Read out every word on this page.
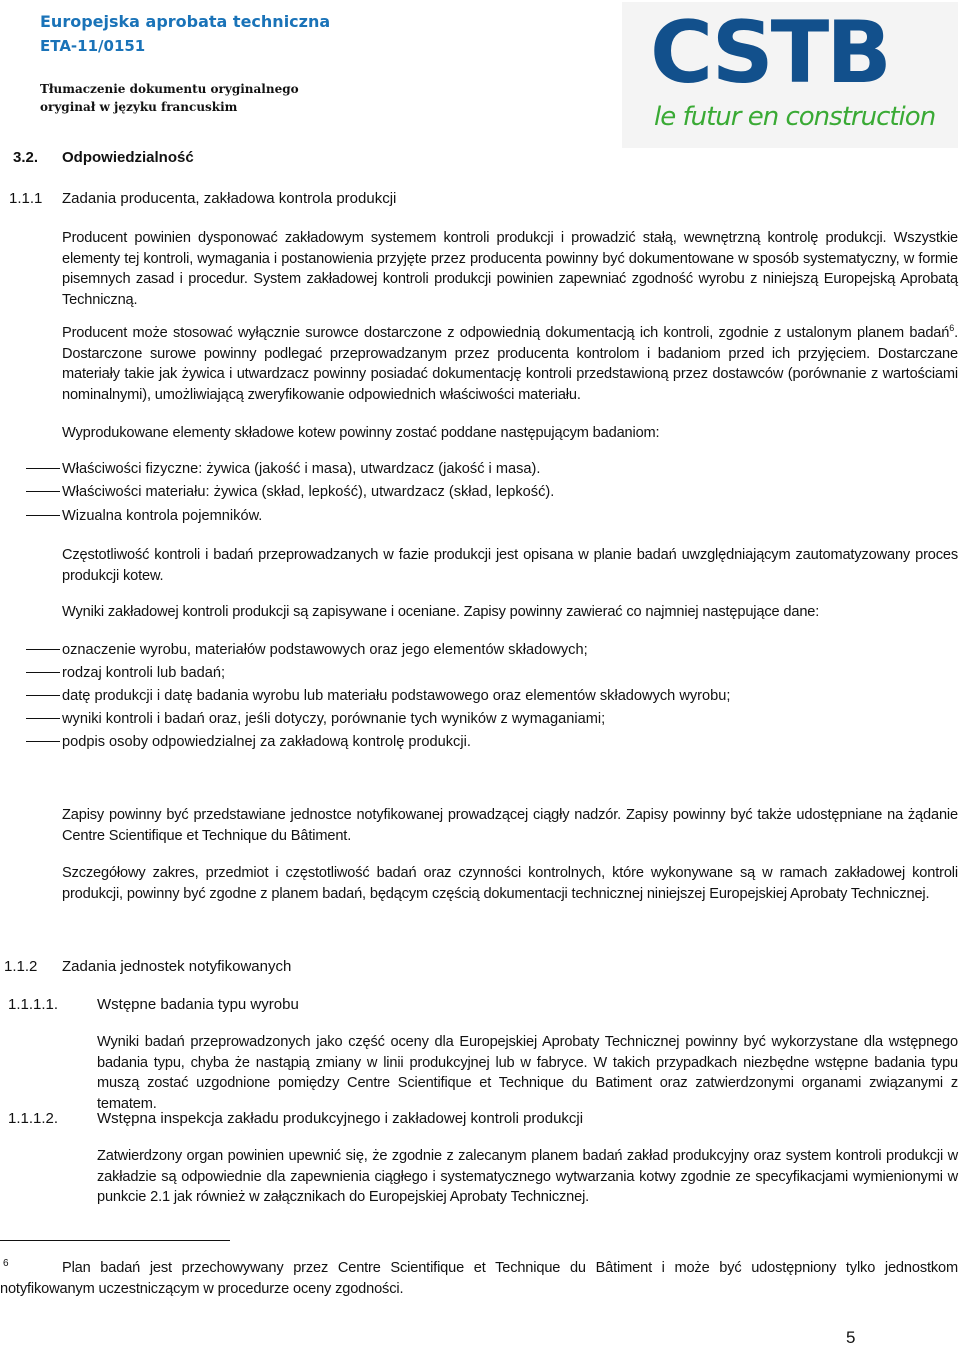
Europejska aprobata techniczna
ETA-11/0151
Tłumaczenie dokumentu oryginalnego
oryginał w języku francuskim
CSTB
le futur en construction
3.2. Odpowiedzialność
1.1.1 Zadania producenta, zakładowa kontrola produkcji
Producent powinien dysponować zakładowym systemem kontroli produkcji i prowadzić stałą, wewnętrzną kontrolę produkcji. Wszystkie elementy tej kontroli, wymagania i postanowienia przyjęte przez producenta powinny być dokumentowane w sposób systematyczny, w formie pisemnych zasad i procedur. System zakładowej kontroli produkcji powinien zapewniać zgodność wyrobu z niniejszą Europejską Aprobatą Techniczną.
Producent może stosować wyłącznie surowce dostarczone z odpowiednią dokumentacją ich kontroli, zgodnie z ustalonym planem badań$^6$. Dostarczone surowe powinny podlegać przeprowadzanym przez producenta kontrolom i badaniom przed ich przyjęciem. Dostarczane materiały takie jak żywica i utwardzacz powinny posiadać dokumentację kontroli przedstawioną przez dostawców (porównanie z wartościami nominalnymi), umożliwiającą zweryfikowanie odpowiednich właściwości materiału.
Wyprodukowane elementy składowe kotew powinny zostać poddane następującym badaniom:
Właściwości fizyczne: żywica (jakość i masa), utwardzacz (jakość i masa).
Właściwości materiału: żywica (skład, lepkość), utwardzacz (skład, lepkość).
Wizualna kontrola pojemników.
Częstotliwość kontroli i badań przeprowadzanych w fazie produkcji jest opisana w planie badań uwzględniającym zautomatyzowany proces produkcji kotew.
Wyniki zakładowej kontroli produkcji są zapisywane i oceniane. Zapisy powinny zawierać co najmniej następujące dane:
oznaczenie wyrobu, materiałów podstawowych oraz jego elementów składowych;
rodzaj kontroli lub badań;
datę produkcji i datę badania wyrobu lub materiału podstawowego oraz elementów składowych wyrobu;
wyniki kontroli i badań oraz, jeśli dotyczy, porównanie tych wyników z wymaganiami;
podpis osoby odpowiedzialnej za zakładową kontrolę produkcji.
Zapisy powinny być przedstawiane jednostce notyfikowanej prowadzącej ciągły nadzór. Zapisy powinny być także udostępniane na żądanie Centre Scientifique et Technique du Bâtiment.
Szczegółowy zakres, przedmiot i częstotliwość badań oraz czynności kontrolnych, które wykonywane są w ramach zakładowej kontroli produkcji, powinny być zgodne z planem badań, będącym częścią dokumentacji technicznej niniejszej Europejskiej Aprobaty Technicznej.
1.1.2 Zadania jednostek notyfikowanych
1.1.1.1.	Wstępne badania typu wyrobu
Wyniki badań przeprowadzonych jako część oceny dla Europejskiej Aprobaty Technicznej powinny być wykorzystane dla wstępnego badania typu, chyba że nastąpią zmiany w linii produkcyjnej lub w fabryce. W takich przypadkach niezbędne wstępne badania typu muszą zostać uzgodnione pomiędzy Centre Scientifique et Technique du Batiment oraz zatwierdzonymi organami związanymi z tematem.
1.1.1.2.	Wstępna inspekcja zakładu produkcyjnego i zakładowej kontroli produkcji
Zatwierdzony organ powinien upewnić się, że zgodnie z zalecanym planem badań zakład produkcyjny oraz system kontroli produkcji w zakładzie są odpowiednie dla zapewnienia ciągłego i systematycznego wytwarzania kotwy zgodnie ze specyfikacjami wymienionymi w punkcie 2.1 jak również w załącznikach do Europejskiej Aprobaty Technicznej.
6	Plan badań jest przechowywany przez Centre Scientifique et Technique du Bâtiment i może być udostępniony tylko jednostkom notyfikowanym uczestniczącym w procedurze oceny zgodności.
5
